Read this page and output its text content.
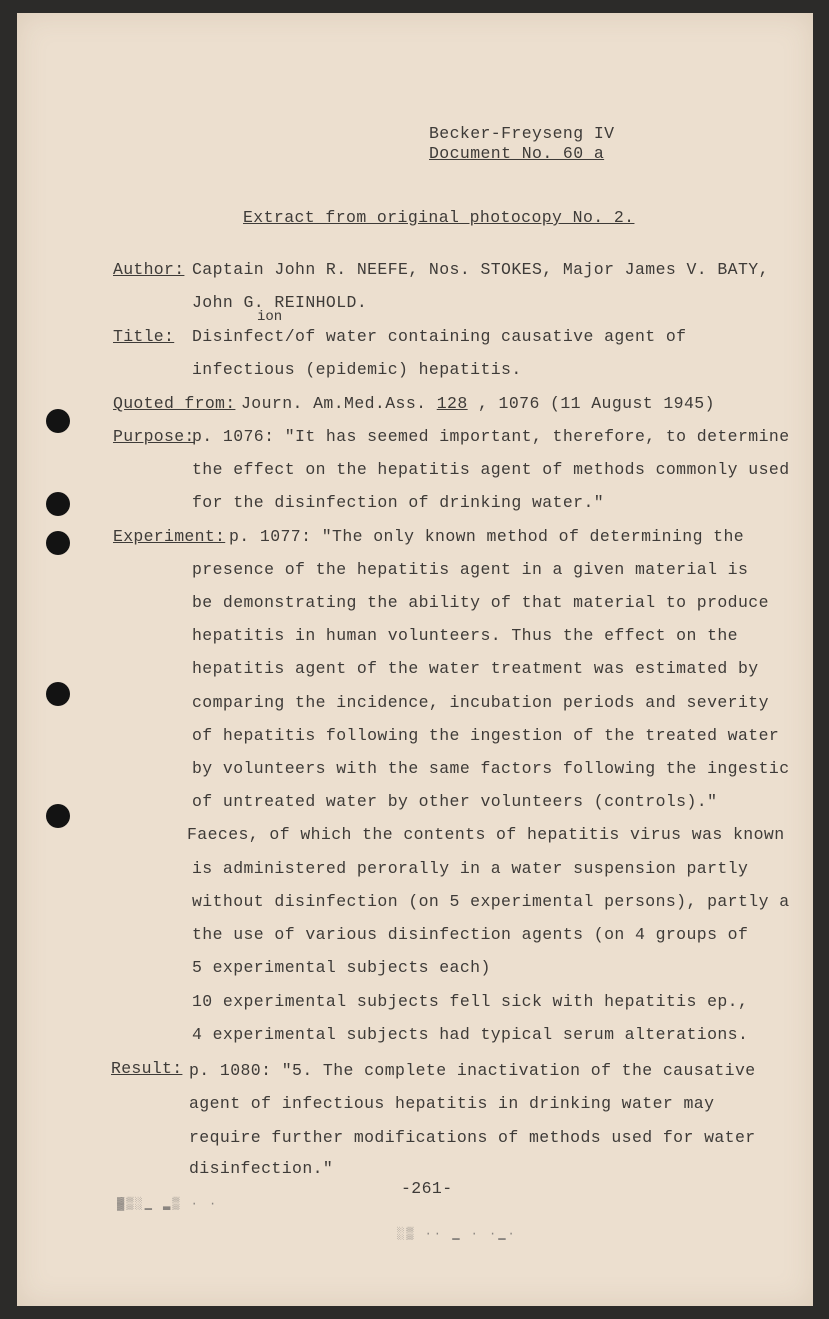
Becker-Freyseng IV
Document No. 60 a
Extract from original photocopy No. 2.
Author: Captain John R. NEEFE, Nos. STOKES, Major James V. BATY,
John G. REINHOLD.
ion
Title: Disinfect/of water containing causative agent of
infectious (epidemic) hepatitis.
Quoted from: Journ. Am.Med.Ass. 128 , 1076 (11 August 1945)
Purpose:
p. 1076: "It has seemed important, therefore, to determine
the effect on the hepatitis agent of methods commonly used
for the disinfection of drinking water."
Experiment: p. 1077: "The only known method of determining the
presence of the hepatitis agent in a given material is
be demonstrating the ability of that material to produce
hepatitis in human volunteers. Thus the effect on the
hepatitis agent of the water treatment was estimated by
comparing the incidence, incubation periods and severity
of hepatitis following the ingestion of the treated water
by volunteers with the same factors following the ingestic
of untreated water by other volunteers (controls)."
Faeces, of which the contents of hepatitis virus was known
is administered perorally in a water suspension partly
without disinfection (on 5 experimental persons), partly a
the use of various disinfection agents (on 4 groups of
5 experimental subjects each)
10 experimental subjects fell sick with hepatitis ep.,
4 experimental subjects had typical serum alterations.
Result: p. 1080: "5. The complete inactivation of the causative
agent of infectious hepatitis in drinking water may
require further modifications of methods used for water
disinfection."
-261-
▓▒░▁ ▂▒ · ·
░▒ ·· ▁ · ·▁·
